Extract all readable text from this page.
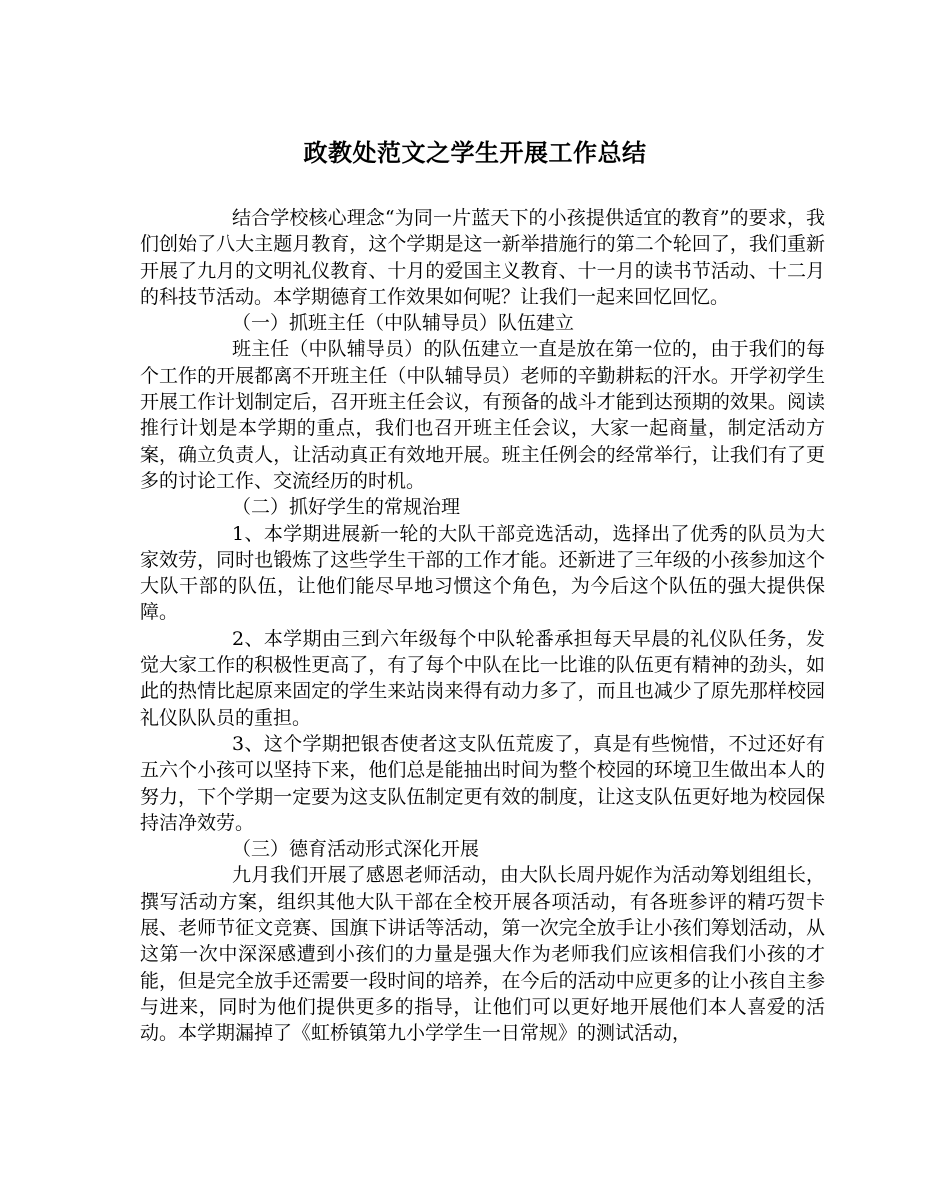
政教处范文之学生开展工作总结

结合学校核心理念“为同一片蓝天下的小孩提供适宜的教育”的要求，我们创始了八大主题月教育，这个学期是这一新举措施行的第二个轮回了，我们重新开展了九月的文明礼仪教育、十月的爱国主义教育、十一月的读书节活动、十二月的科技节活动。本学期德育工作效果如何呢？让我们一起来回忆回忆。

（一）抓班主任（中队辅导员）队伍建立

班主任（中队辅导员）的队伍建立一直是放在第一位的，由于我们的每个工作的开展都离不开班主任（中队辅导员）老师的辛勤耕耘的汗水。开学初学生开展工作计划制定后，召开班主任会议，有预备的战斗才能到达预期的效果。阅读推行计划是本学期的重点，我们也召开班主任会议，大家一起商量，制定活动方案，确立负责人，让活动真正有效地开展。班主任例会的经常举行，让我们有了更多的讨论工作、交流经历的时机。

（二）抓好学生的常规治理

1、本学期进展新一轮的大队干部竞选活动，选择出了优秀的队员为大家效劳，同时也锻炼了这些学生干部的工作才能。还新进了三年级的小孩参加这个大队干部的队伍，让他们能尽早地习惯这个角色，为今后这个队伍的强大提供保障。

2、本学期由三到六年级每个中队轮番承担每天早晨的礼仪队任务，发觉大家工作的积极性更高了，有了每个中队在比一比谁的队伍更有精神的劲头，如此的热情比起原来固定的学生来站岗来得有动力多了，而且也减少了原先那样校园礼仪队队员的重担。

3、这个学期把银杏使者这支队伍荒废了，真是有些惋惜，不过还好有五六个小孩可以坚持下来，他们总是能抽出时间为整个校园的环境卫生做出本人的努力，下个学期一定要为这支队伍制定更有效的制度，让这支队伍更好地为校园保持洁净效劳。

（三）德育活动形式深化开展

九月我们开展了感恩老师活动，由大队长周丹妮作为活动筹划组组长，撰写活动方案，组织其他大队干部在全校开展各项活动，有各班参评的精巧贺卡展、老师节征文竞赛、国旗下讲话等活动，第一次完全放手让小孩们筹划活动，从这第一次中深深感遭到小孩们的力量是强大作为老师我们应该相信我们小孩的才能，但是完全放手还需要一段时间的培养，在今后的活动中应更多的让小孩自主参与进来，同时为他们提供更多的指导，让他们可以更好地开展他们本人喜爱的活动。本学期漏掉了《虹桥镇第九小学学生一日常规》的测试活动，
